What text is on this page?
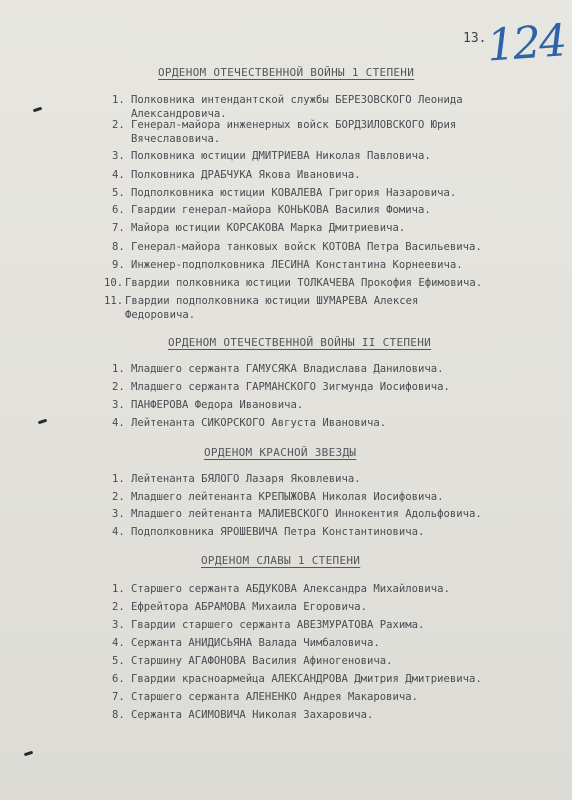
13.
124
ОРДЕНОМ ОТЕЧЕСТВЕННОЙ ВОЙНЫ 1 СТЕПЕНИ
1. Полковника интендантской службы БЕРЕЗОВСКОГО Леонида
Александровича.
2. Генерал-майора инженерных войск БОРДЗИЛОВСКОГО Юрия
Вячеславовича.
3. Полковника юстиции ДМИТРИЕВА Николая Павловича.
4. Полковника ДРАБЧУКА Якова Ивановича.
5. Подполковника юстиции КОВАЛЕВА Григория Назаровича.
6. Гвардии генерал-майора КОНЬКОВА Василия Фомича.
7. Майора юстиции КОРСАКОВА Марка Дмитриевича.
8. Генерал-майора танковых войск КОТОВА Петра Васильевича.
9. Инженер-подполковника ЛЕСИНА Константина Корнеевича.
10. Гвардии полковника юстиции ТОЛКАЧЕВА Прокофия Ефимовича.
11. Гвардии подполковника юстиции ШУМАРЕВА Алексея
Федоровича.
ОРДЕНОМ ОТЕЧЕСТВЕННОЙ ВОЙНЫ II СТЕПЕНИ
1. Младшего сержанта ГАМУСЯКА Владислава Даниловича.
2. Младшего сержанта ГАРМАНСКОГО Зигмунда Иосифовича.
3. ПАНФЕРОВА Федора Ивановича.
4. Лейтенанта СИКОРСКОГО Августа Ивановича.
ОРДЕНОМ КРАСНОЙ ЗВЕЗДЫ
1. Лейтенанта БЯЛОГО Лазаря Яковлевича.
2. Младшего лейтенанта КРЕПЫЖОВА Николая Иосифовича.
3. Младшего лейтенанта МАЛИЕВСКОГО Иннокентия Адольфовича.
4. Подполковника ЯРОШЕВИЧА Петра Константиновича.
ОРДЕНОМ СЛАВЫ 1 СТЕПЕНИ
1. Старшего сержанта АБДУКОВА Александра Михайловича.
2. Ефрейтора АБРАМОВА Михаила Егоровича.
3. Гвардии старшего сержанта АВЕЗМУРАТОВА Рахима.
4. Сержанта АНИДИСЬЯНА Валада Чимбаловича.
5. Старшину АГАФОНОВА Василия Афиногеновича.
6. Гвардии красноармейца АЛЕКСАНДРОВА Дмитрия Дмитриевича.
7. Старшего сержанта АЛЕНЕНКО Андрея Макаровича.
8. Сержанта АСИМОВИЧА Николая Захаровича.
